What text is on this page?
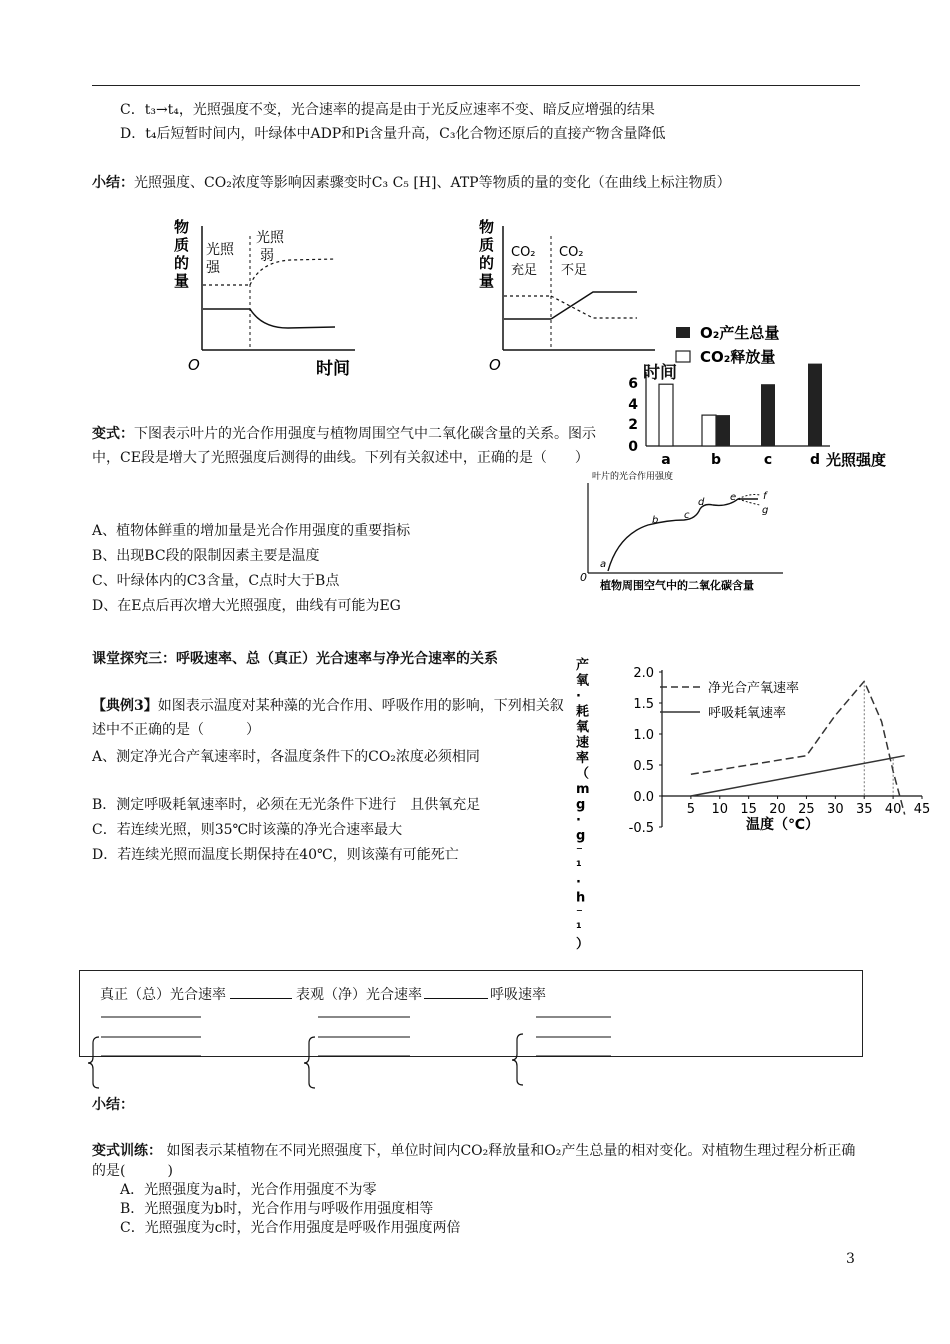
C．t₃→t₄，光照强度不变，光合速率的提高是由于光反应速率不变、暗反应增强的结果
D．t₄后短暂时间内，叶绿体中ADP和Pi含量升高，C₃化合物还原后的直接产物含量降低
小结：光照强度、CO₂浓度等影响因素骤变时C₃ C₅ [H]、ATP等物质的量的变化（在曲线上标注物质）
物
质
的
量
光照
强
光照
弱
O	时间
物
质
的
量
CO₂
充足
CO₂
不足
O	时间
O₂产生总量
CO₂释放量
6
4
2
0
a	b	c	d 光照强度
变式：下图表示叶片的光合作用强度与植物周围空气中二氧化碳含量的关系。图示中，CE段是增大了光照强度后测得的曲线。下列有关叙述中，正确的是（　　）
A、植物体鲜重的增加量是光合作用强度的重要指标
B、出现BC段的限制因素主要是温度
C、叶绿体内的C3含量，C点时大于B点
D、在E点后再次增大光照强度，曲线有可能为EG
叶片的光合作用强度
a
b	c
d	e	f
g
0
植物周围空气中的二氧化碳含量
课堂探究三：呼吸速率、总（真正）光合速率与净光合速率的关系
【典例3】如图表示温度对某种藻的光合作用、呼吸作用的影响，下列相关叙述中不正确的是（　　　）
A、测定净光合产氧速率时，各温度条件下的CO₂浓度必须相同
B．测定呼吸耗氧速率时，必须在无光条件下进行　且供氧充足
C．若连续光照，则35℃时该藻的净光合速率最大
D．若连续光照而温度长期保持在40℃，则该藻有可能死亡
产
氧
·
耗
氧
速
率
（
m
g
·
g
⁻
¹
·
h
⁻
¹
）
2.0
1.5
1.0
0.5
0.0
-0.5
5 10 15 20 25 30 35 40 45
净光合产氧速率
呼吸耗氧速率
温度（℃）
真正（总）光合速率	表观（净）光合速率	呼吸速率
小结：
变式训练： 如图表示某植物在不同光照强度下，单位时间内CO₂释放量和O₂产生总量的相对变化。对植物生理过程分析正确的是(　　　)
A．光照强度为a时，光合作用强度不为零
B．光照强度为b时，光合作用与呼吸作用强度相等
C．光照强度为c时，光合作用强度是呼吸作用强度两倍
3
